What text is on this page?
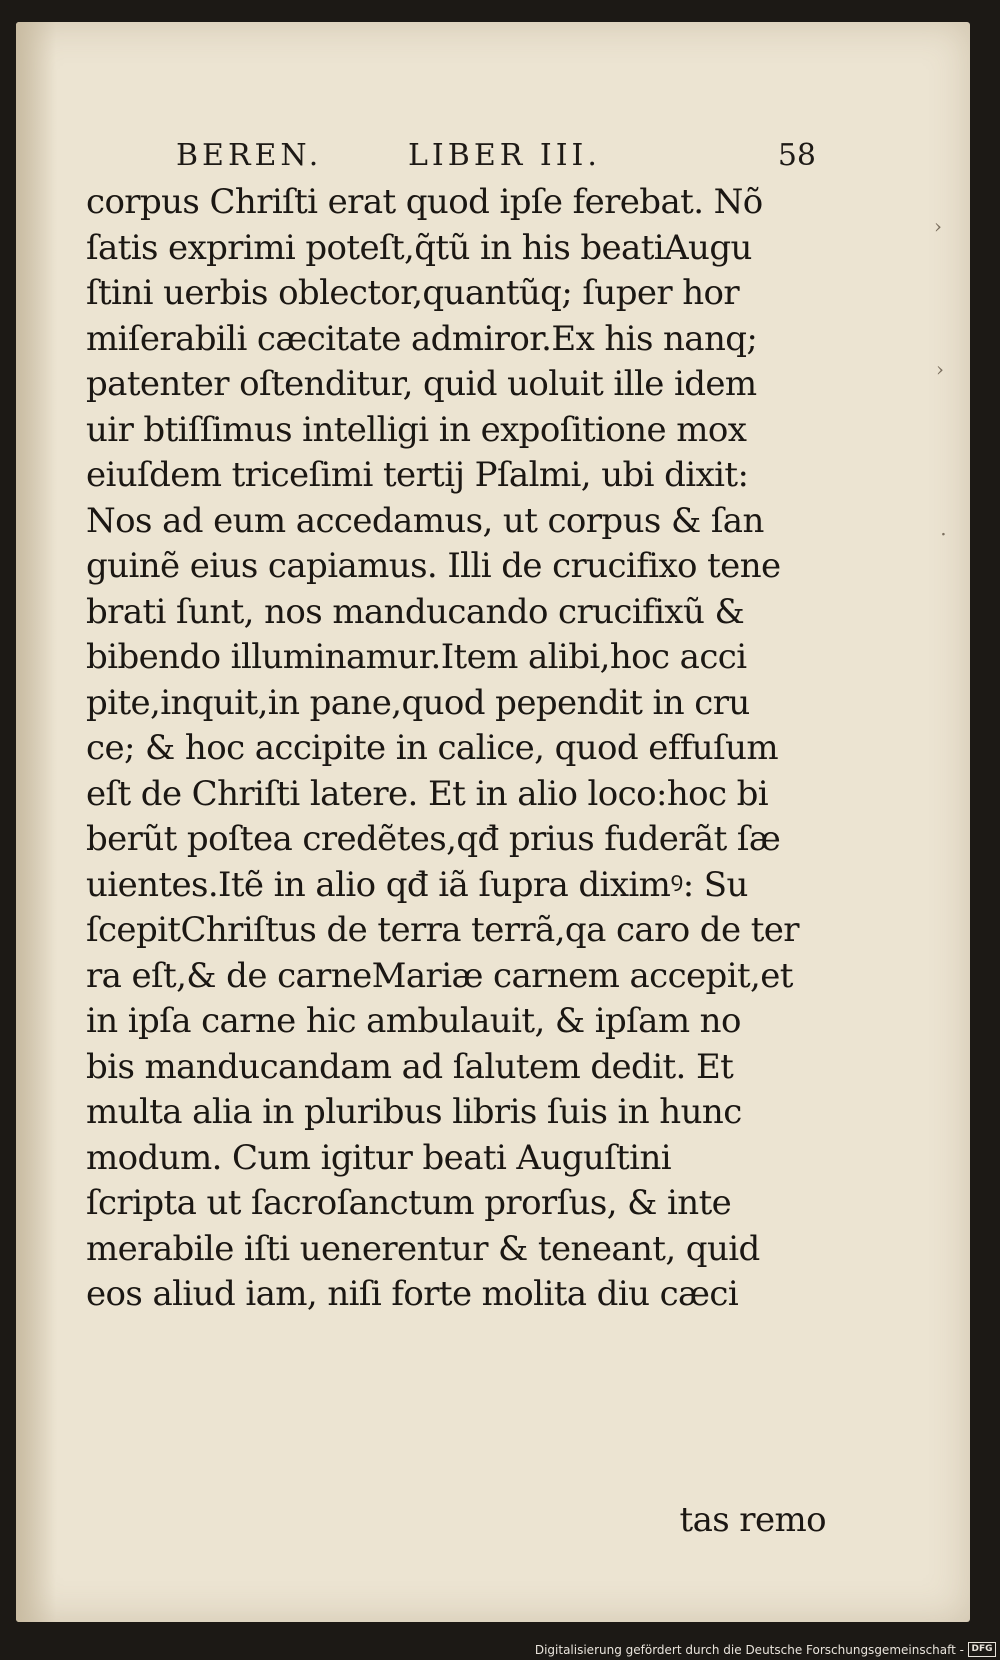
BEREN.	LIBER III.	58
corpus Chriſti erat quod ipſe ferebat. Nõ
ſatis exprimi poteſt,q̃tũ in his beatiAugu
ſtini uerbis oblector,quantũq; ſuper hor
miſerabili cæcitate admiror.Ex his nanq;
patenter oſtenditur, quid uoluit ille idem
uir btiſſimus intelligi in expoſitione mox
eiuſdem triceſimi tertij Pſalmi, ubi dixit:
Nos ad eum accedamus, ut corpus & ſan
guinẽ eius capiamus. Illi de crucifixo tene
brati ſunt, nos manducando crucifixũ &
bibendo illuminamur.Item alibi,hoc acci
pite,inquit,in pane,quod pependit in cru
ce; & hoc accipite in calice, quod effuſum
eſt de Chriſti latere. Et in alio loco:hoc bi
berũt poſtea credẽtes,qđ prius fuderãt ſæ
uientes.Itẽ in alio qđ iã ſupra diximꝰ: Su
ſcepitChriſtus de terra terrã,qa caro de ter
ra eſt,& de carneMariæ carnem accepit,et
in ipſa carne hic ambulauit, & ipſam no
bis manducandam ad ſalutem dedit. Et
multa alia in pluribus libris ſuis in hunc
modum. Cum igitur beati Auguſtini
ſcripta ut ſacroſanctum prorſus, & inte
merabile iſti uenerentur & teneant, quid
eos aliud iam, niſi forte molita diu cæci
tas remo
›
›
⋅
Digitalisierung gefördert durch die Deutsche Forschungsgemeinschaft - DFG
